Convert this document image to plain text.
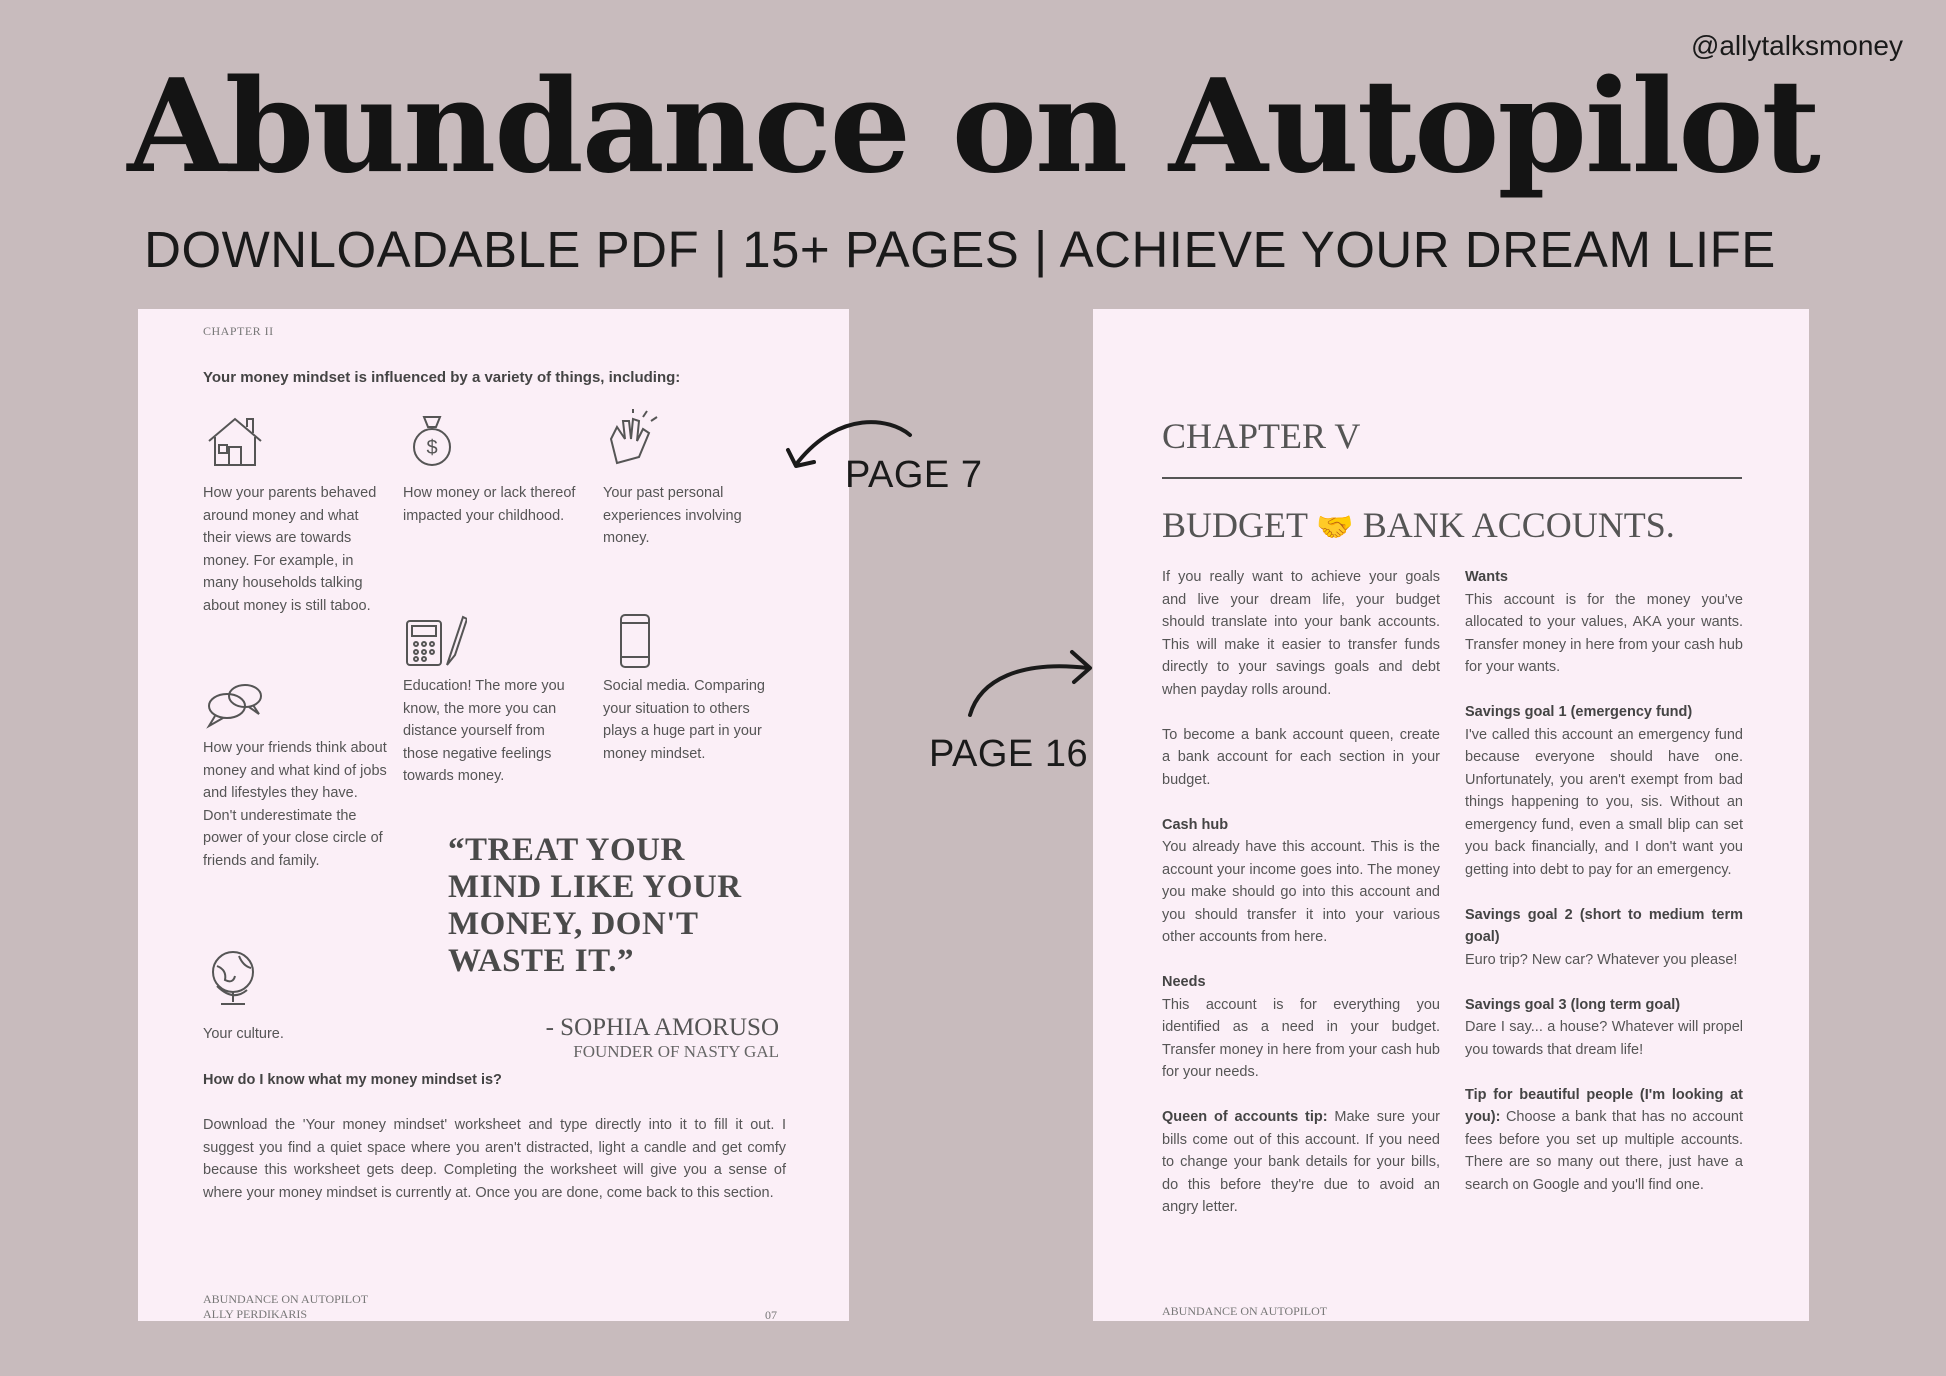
@allytalksmoney
Abundance on Autopilot
DOWNLOADABLE PDF | 15+ PAGES | ACHIEVE YOUR DREAM LIFE
CHAPTER II
Your money mindset is influenced by a variety of things, including:
How your parents behaved around money and what their views are towards money. For example, in many households talking about money is still taboo.
$
How money or lack thereof impacted your childhood.
Your past personal experiences involving money.
How your friends think about money and what kind of jobs and lifestyles they have. Don't underestimate the power of your close circle of friends and family.
Education! The more you know, the more you can distance yourself from those negative feelings towards money.
Social media. Comparing your situation to others plays a huge part in your money mindset.
Your culture.
“TREAT YOUR MIND LIKE YOUR MONEY, DON'T WASTE IT.”
- SOPHIA AMORUSO
FOUNDER OF NASTY GAL
How do I know what my money mindset is?
Download the 'Your money mindset' worksheet and type directly into it to fill it out. I suggest you find a quiet space where you aren't distracted, light a candle and get comfy because this worksheet gets deep. Completing the worksheet will give you a sense of where your money mindset is currently at. Once you are done, come back to this section.
ABUNDANCE ON AUTOPILOT
ALLY PERDIKARIS	07
CHAPTER V
BUDGET 🤝 BANK ACCOUNTS.

If you really want to achieve your goals and live your dream life, your budget should translate into your bank accounts. This will make it easier to transfer funds directly to your savings goals and debt when payday rolls around.

To become a bank account queen, create a bank account for each section in your budget.

Cash hub
You already have this account. This is the account your income goes into. The money you make should go into this account and you should transfer it into your various other accounts from here.

Needs
This account is for everything you identified as a need in your budget. Transfer money in here from your cash hub for your needs.

Queen of accounts tip: Make sure your bills come out of this account. If you need to change your bank details for your bills, do this before they're due to avoid an angry letter.

Wants
This account is for the money you've allocated to your values, AKA your wants. Transfer money in here from your cash hub for your wants.

Savings goal 1 (emergency fund)
I've called this account an emergency fund because everyone should have one. Unfortunately, you aren't exempt from bad things happening to you, sis. Without an emergency fund, even a small blip can set you back financially, and I don't want you getting into debt to pay for an emergency.

Savings goal 2 (short to medium term goal)
Euro trip? New car? Whatever you please!

Savings goal 3 (long term goal)
Dare I say... a house? Whatever will propel you towards that dream life!

Tip for beautiful people (I'm looking at you): Choose a bank that has no account fees before you set up multiple accounts. There are so many out there, just have a search on Google and you'll find one.

ABUNDANCE ON AUTOPILOT
PAGE 7
PAGE 16
